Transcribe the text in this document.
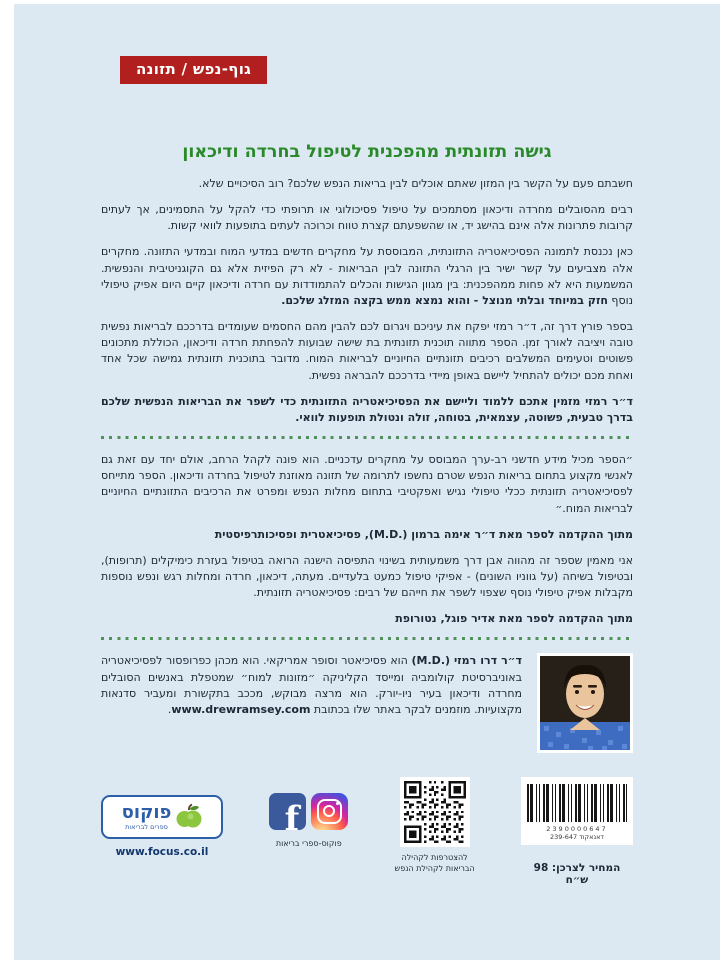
גוף-נפש / תזונה
גישה תזונתית מהפכנית לטיפול בחרדה ודיכאון

חשבתם פעם על הקשר בין המזון שאתם אוכלים לבין בריאות הנפש שלכם? רוב הסיכויים שלא.

רבים מהסובלים מחרדה ודיכאון מסתמכים על טיפול פסיכולוגי או תרופתי כדי להקל על התסמינים, אך לעתים קרובות פתרונות אלה אינם בהישג יד, או שהשפעתם קצרת טווח וכרוכה לעתים בתופעות לוואי קשות.

כאן נכנסת לתמונה הפסיכיאטריה התזונתית, המבוססת על מחקרים חדשים במדעי המוח ובמדעי התזונה. מחקרים אלה מצביעים על קשר ישיר בין הרגלי התזונה לבין הבריאות - לא רק הפיזית אלא גם הקוגניטיבית והנפשית. המשמעות היא לא פחות ממהפכנית: בין מגוון הגישות והכלים להתמודדות עם חרדה ודיכאון קיים היום אפיק טיפולי נוסף חזק במיוחד ובלתי מנוצל - והוא נמצא ממש בקצה המזלג שלכם.

בספר פורץ דרך זה, ד״ר רמזי יפקח את עיניכם ויגרום לכם להבין מהם החסמים שעומדים בדרככם לבריאות נפשית טובה ויציבה לאורך זמן. הספר מתווה תוכנית תזונתית בת שישה שבועות להפחתת חרדה ודיכאון, הכוללת מתכונים פשוטים וטעימים המשלבים רכיבים תזונתיים החיוניים לבריאות המוח. מדובר בתוכנית תזונתית גמישה שכל אחד ואחת מכם יכולים להתחיל ליישם באופן מיידי בדרככם להבראה נפשית.

ד״ר רמזי מזמין אתכם ללמוד וליישם את הפסיכיאטריה התזונתית כדי לשפר את הבריאות הנפשית שלכם בדרך טבעית, פשוטה, עצמאית, בטוחה, זולה ונטולת תופעות לוואי.

״הספר מכיל מידע חדשני רב-ערך המבוסס על מחקרים עדכניים. הוא פונה לקהל הרחב, אולם יחד עם זאת גם לאנשי מקצוע בתחום בריאות הנפש שטרם נחשפו לתרומה של תזונה מאוזנת לטיפול בחרדה ודיכאון. הספר מתייחס לפסיכיאטריה תזונתית ככלי טיפולי נגיש ואפקטיבי בתחום מחלות הנפש ומפרט את הרכיבים התזונתיים החיוניים לבריאות המוח.״

מתוך ההקדמה לספר מאת ד״ר אימה ברמון (.M.D), פסיכיאטרית ופסיכותרפיסטית

אני מאמין שספר זה מהווה אבן דרך משמעותית בשינוי התפיסה הישנה הרואה בטיפול בעזרת כימיקלים (תרופות), ובטיפול בשיחה (על גווניו השונים) - אפיקי טיפול כמעט בלעדיים. מעתה, דיכאון, חרדה ומחלות רגש ונפש נוספות מקבלות אפיק טיפולי נוסף שצפוי לשפר את חייהם של רבים: פסיכיאטריה תזונתית.

מתוך ההקדמה לספר מאת אדיר פוגל, נטורופת

ד״ר דרו רמזי (.M.D) הוא פסיכיאטר וסופר אמריקאי. הוא מכהן כפרופסור לפסיכיאטריה באוניברסיטת קולומביה ומייסד הקליניקה ״מזונות למוח״ שמטפלת באנשים הסובלים מחרדה ודיכאון בעיר ניו-יורק. הוא מרצה מבוקש, מככב בתקשורת ומעביר סדנאות מקצועיות. מוזמנים לבקר באתר שלו בכתובת www.drewramsey.com.

פוקוס
ספרים לבריאות
www.focus.co.il
f
פוקוס-ספרי בריאות
להצטרפות לקהילה
הבריאות לקהילת הנפש
2390000647
דאנאקוד 239-647
המחיר לצרכן: 98 ש״ח
